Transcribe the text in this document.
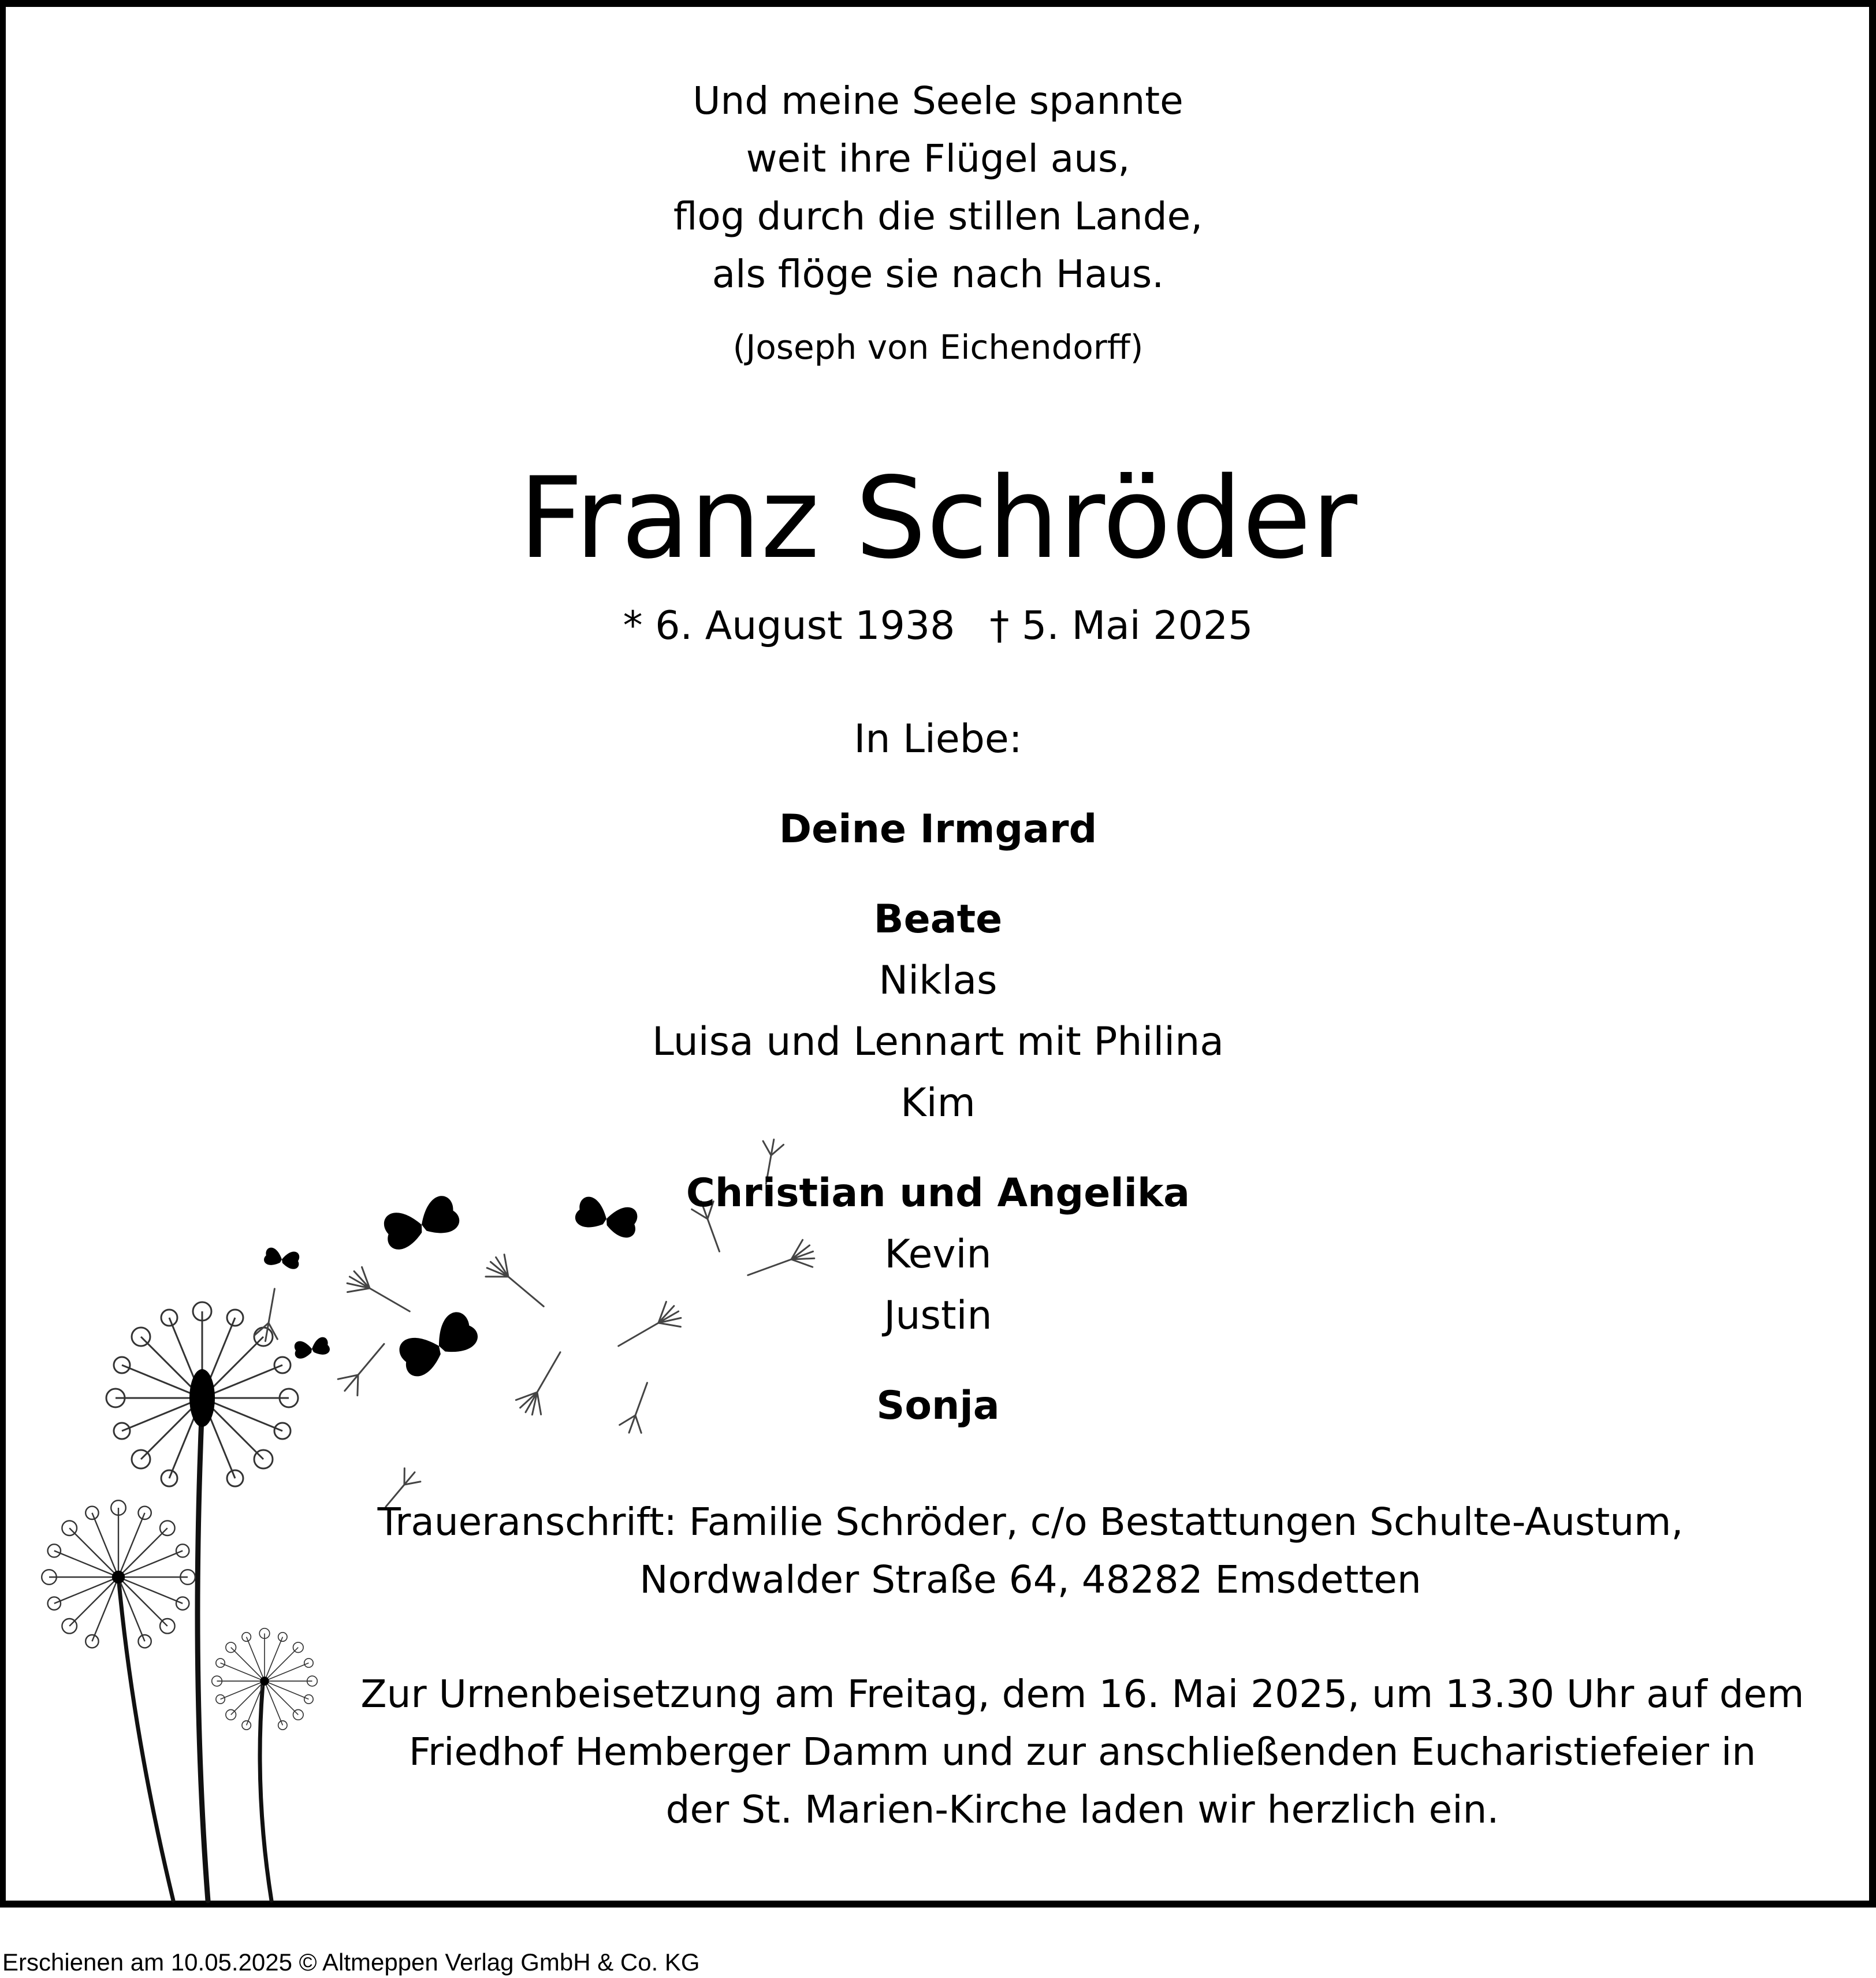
Und meine Seele spannte
weit ihre Flügel aus,
flog durch die stillen Lande,
als flöge sie nach Haus.
(Joseph von Eichendorff)
Franz Schröder
* 6. August 1938 † 5. Mai 2025
In Liebe:
Deine Irmgard
Beate
Niklas
Luisa und Lennart mit Philina
Kim
Christian und Angelika
Kevin
Justin
Sonja
Traueranschrift: Familie Schröder, c/o Bestattungen Schulte-Austum,
Nordwalder Straße 64, 48282 Emsdetten
Zur Urnenbeisetzung am Freitag, dem 16. Mai 2025, um 13.30 Uhr auf dem
Friedhof Hemberger Damm und zur anschließenden Eucharistiefeier in
der St. Marien-Kirche laden wir herzlich ein.
Erschienen am 10.05.2025 © Altmeppen Verlag GmbH & Co. KG
